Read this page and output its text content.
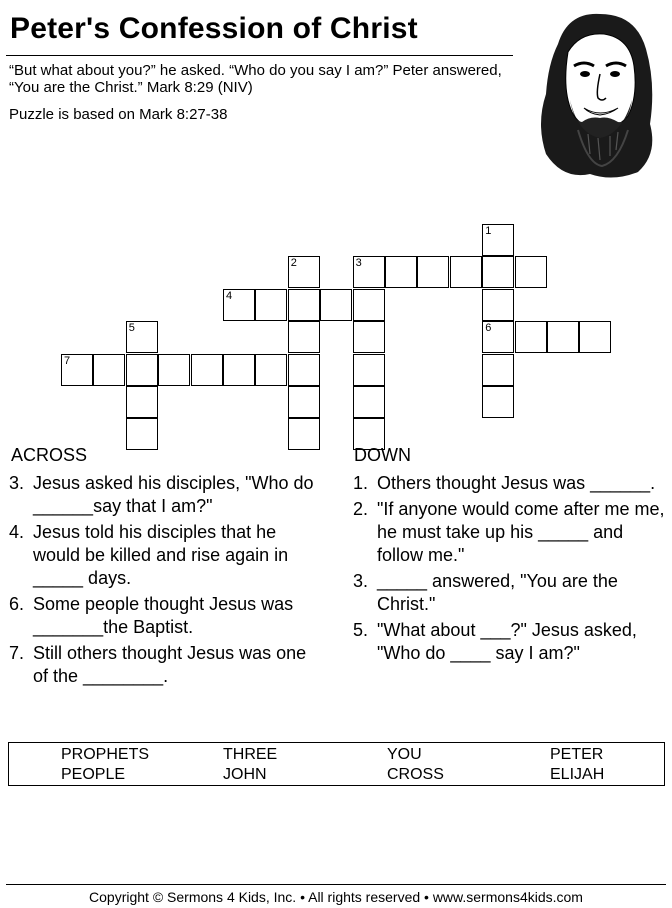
Peter's Confession of Christ
“But what about you?” he asked. “Who do you say I am?” Peter answered, “You are the Christ.” Mark 8:29 (NIV)
Puzzle is based on Mark 8:27-38
1
6
3
2
4
5
7
ACROSS
3. Jesus asked his disciples, "Who do ______say that I am?"
4. Jesus told his disciples that he would be killed and rise again in _____ days.
6. Some people thought Jesus was _______the Baptist.
7. Still others thought Jesus was one of the ________.
DOWN
1. Others thought Jesus was ______.
2. "If anyone would come after me me, he must take up his _____ and follow me."
3. _____ answered, "You are the Christ."
5. "What about ___?" Jesus asked, "Who do ____ say I am?"
PROPHETS	THREE	YOU	PETER
PEOPLE	JOHN	CROSS	ELIJAH
Copyright © Sermons 4 Kids, Inc. • All rights reserved • www.sermons4kids.com
